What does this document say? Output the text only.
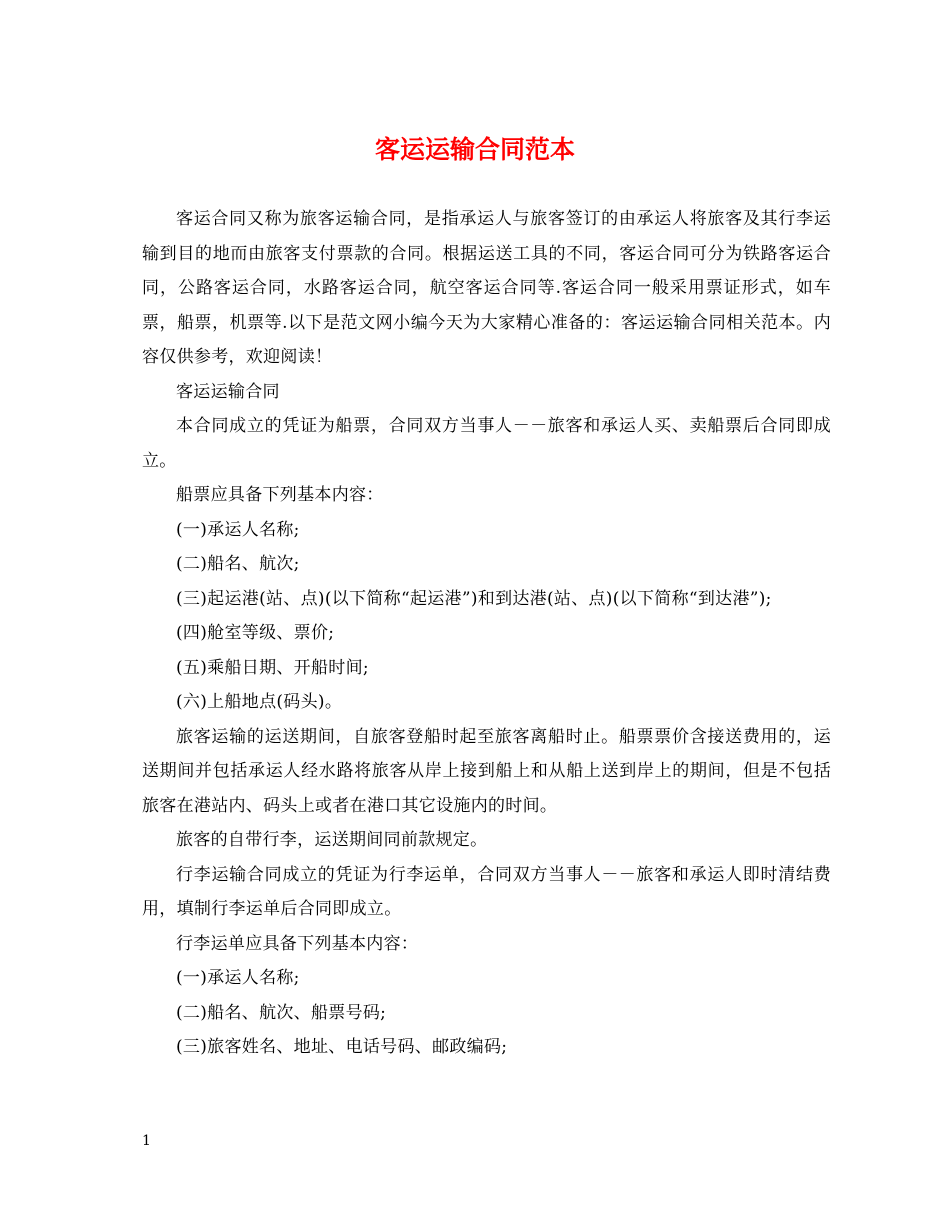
客运运输合同范本

客运合同又称为旅客运输合同，是指承运人与旅客签订的由承运人将旅客及其行李运输到目的地而由旅客支付票款的合同。根据运送工具的不同，客运合同可分为铁路客运合同，公路客运合同，水路客运合同，航空客运合同等.客运合同一般采用票证形式，如车票，船票，机票等.以下是范文网小编今天为大家精心准备的：客运运输合同相关范本。内容仅供参考，欢迎阅读！

客运运输合同

本合同成立的凭证为船票，合同双方当事人－－旅客和承运人买、卖船票后合同即成立。

船票应具备下列基本内容：

(一)承运人名称;

(二)船名、航次;

(三)起运港(站、点)(以下简称“起运港”)和到达港(站、点)(以下简称“到达港”);

(四)舱室等级、票价;

(五)乘船日期、开船时间;

(六)上船地点(码头)。

旅客运输的运送期间，自旅客登船时起至旅客离船时止。船票票价含接送费用的，运送期间并包括承运人经水路将旅客从岸上接到船上和从船上送到岸上的期间，但是不包括旅客在港站内、码头上或者在港口其它设施内的时间。

旅客的自带行李，运送期间同前款规定。

行李运输合同成立的凭证为行李运单，合同双方当事人－－旅客和承运人即时清结费用，填制行李运单后合同即成立。

行李运单应具备下列基本内容：

(一)承运人名称;

(二)船名、航次、船票号码;

(三)旅客姓名、地址、电话号码、邮政编码;

1
